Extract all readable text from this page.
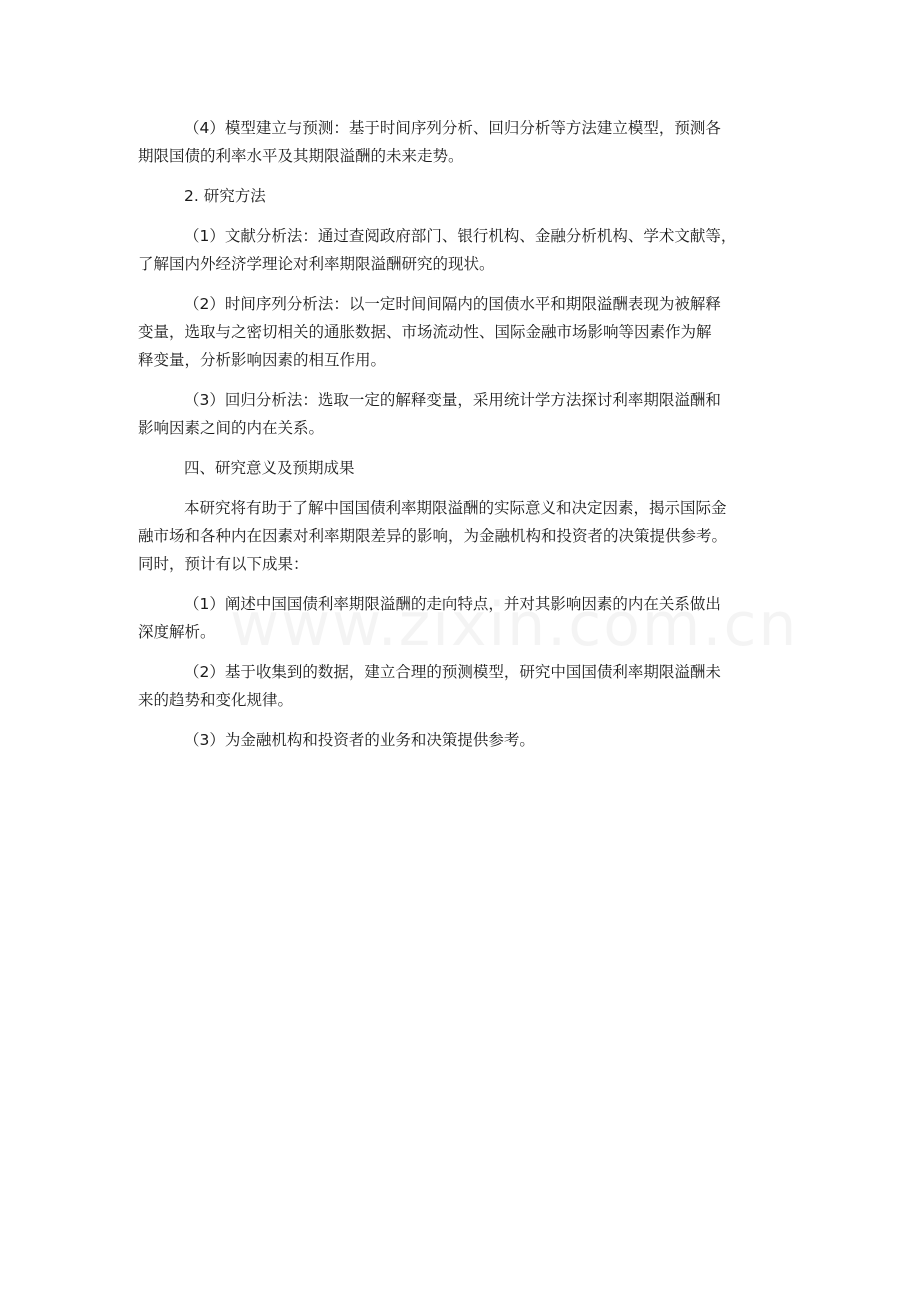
（4）模型建立与预测：基于时间序列分析、回归分析等方法建立模型，预测各
期限国债的利率水平及其期限溢酬的未来走势。
2. 研究方法
（1）文献分析法：通过查阅政府部门、银行机构、金融分析机构、学术文献等，
了解国内外经济学理论对利率期限溢酬研究的现状。
（2）时间序列分析法：以一定时间间隔内的国债水平和期限溢酬表现为被解释
变量，选取与之密切相关的通胀数据、市场流动性、国际金融市场影响等因素作为解
释变量，分析影响因素的相互作用。
（3）回归分析法：选取一定的解释变量，采用统计学方法探讨利率期限溢酬和
影响因素之间的内在关系。
四、研究意义及预期成果
本研究将有助于了解中国国债利率期限溢酬的实际意义和决定因素，揭示国际金
融市场和各种内在因素对利率期限差异的影响，为金融机构和投资者的决策提供参考。
同时，预计有以下成果：
（1）阐述中国国债利率期限溢酬的走向特点，并对其影响因素的内在关系做出
深度解析。
（2）基于收集到的数据，建立合理的预测模型，研究中国国债利率期限溢酬未
来的趋势和变化规律。
（3）为金融机构和投资者的业务和决策提供参考。
